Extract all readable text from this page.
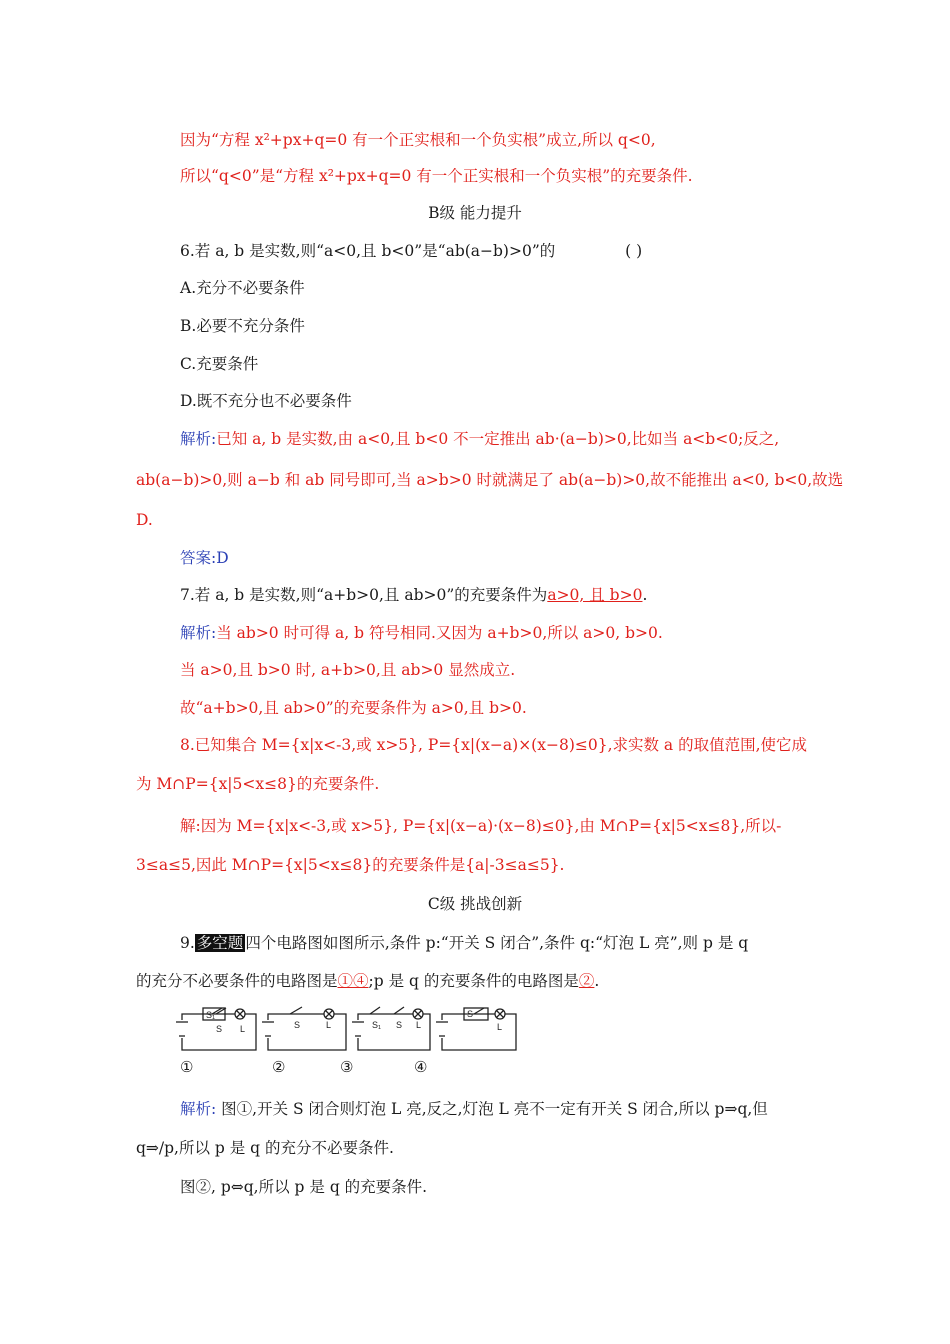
因为“方程 x²+px+q=0 有一个正实根和一个负实根”成立,所以 q<0,
所以“q<0”是“方程 x²+px+q=0 有一个正实根和一个负实根”的充要条件.
B级 能力提升
6.若 a, b 是实数,则“a<0,且 b<0”是“ab(a−b)>0”的	( )
A.充分不必要条件
B.必要不充分条件
C.充要条件
D.既不充分也不必要条件
解析:已知 a, b 是实数,由 a<0,且 b<0 不一定推出 ab·(a−b)>0,比如当 a<b<0;反之,
ab(a−b)>0,则 a−b 和 ab 同号即可,当 a>b>0 时就满足了 ab(a−b)>0,故不能推出 a<0, b<0,故选
D.
答案:D
7.若 a, b 是实数,则“a+b>0,且 ab>0”的充要条件为a>0, 且 b>0.
解析:当 ab>0 时可得 a, b 符号相同.又因为 a+b>0,所以 a>0, b>0.
当 a>0,且 b>0 时, a+b>0,且 ab>0 显然成立.
故“a+b>0,且 ab>0”的充要条件为 a>0,且 b>0.
8.已知集合 M={x|x<-3,或 x>5}, P={x|(x−a)×(x−8)≤0},求实数 a 的取值范围,使它成
为 M∩P={x|5<x≤8}的充要条件.
解:因为 M={x|x<-3,或 x>5}, P={x|(x−a)·(x−8)≤0},由 M∩P={x|5<x≤8},所以-
3≤a≤5,因此 M∩P={x|5<x≤8}的充要条件是{a|-3≤a≤5}.
C级 挑战创新
9. 多空题 四个电路图如图所示,条件 p:“开关 S 闭合”,条件 q:“灯泡 L 亮”,则 p 是 q
的充分不必要条件的电路图是①④;p 是 q 的充要条件的电路图是②.
S₁
S L	S	L	S₁ S L
S
L
①	②	③	④
解析: 图①,开关 S 闭合则灯泡 L 亮,反之,灯泡 L 亮不一定有开关 S 闭合,所以 p⇒q,但
q⇒/p,所以 p 是 q 的充分不必要条件.
图②, p⇔q,所以 p 是 q 的充要条件.
